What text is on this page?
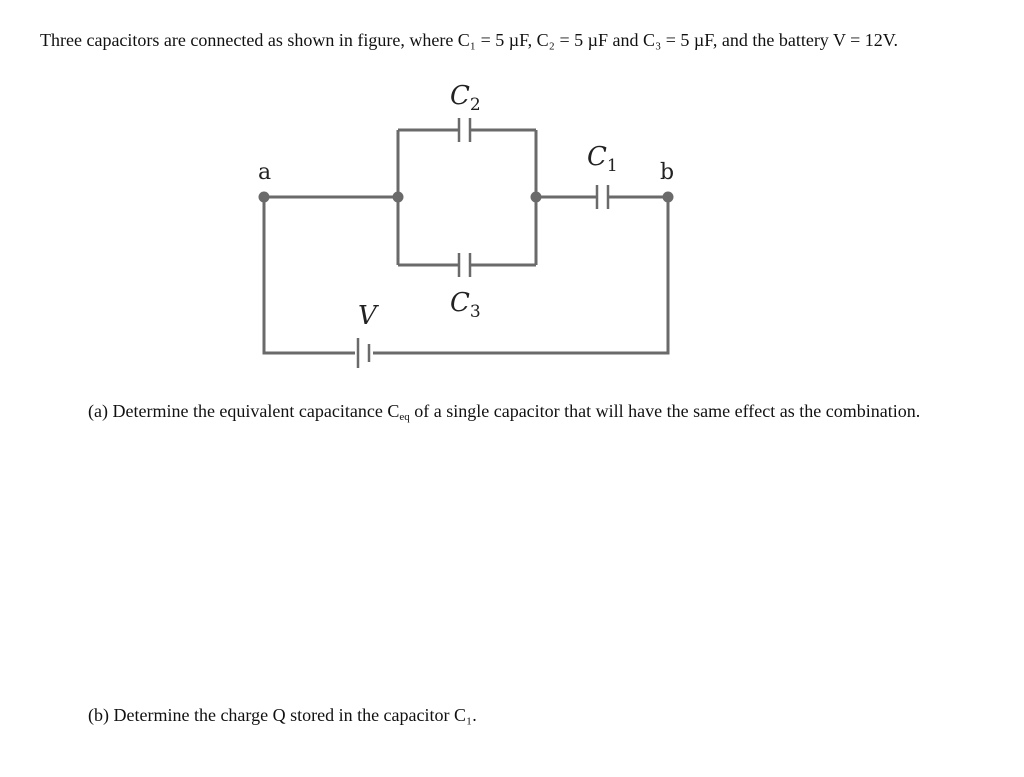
Three capacitors are connected as shown in figure, where C₁ = 5 µF, C₂ = 5 µF and C₃ = 5 µF, and the battery V = 12V.
$C_2$
$C_1$
$C_3$
V
a	b
(a) Determine the equivalent capacitance $C_{eq}$ of a single capacitor that will have the same effect as the combination.
(b) Determine the charge Q stored in the capacitor C₁.
